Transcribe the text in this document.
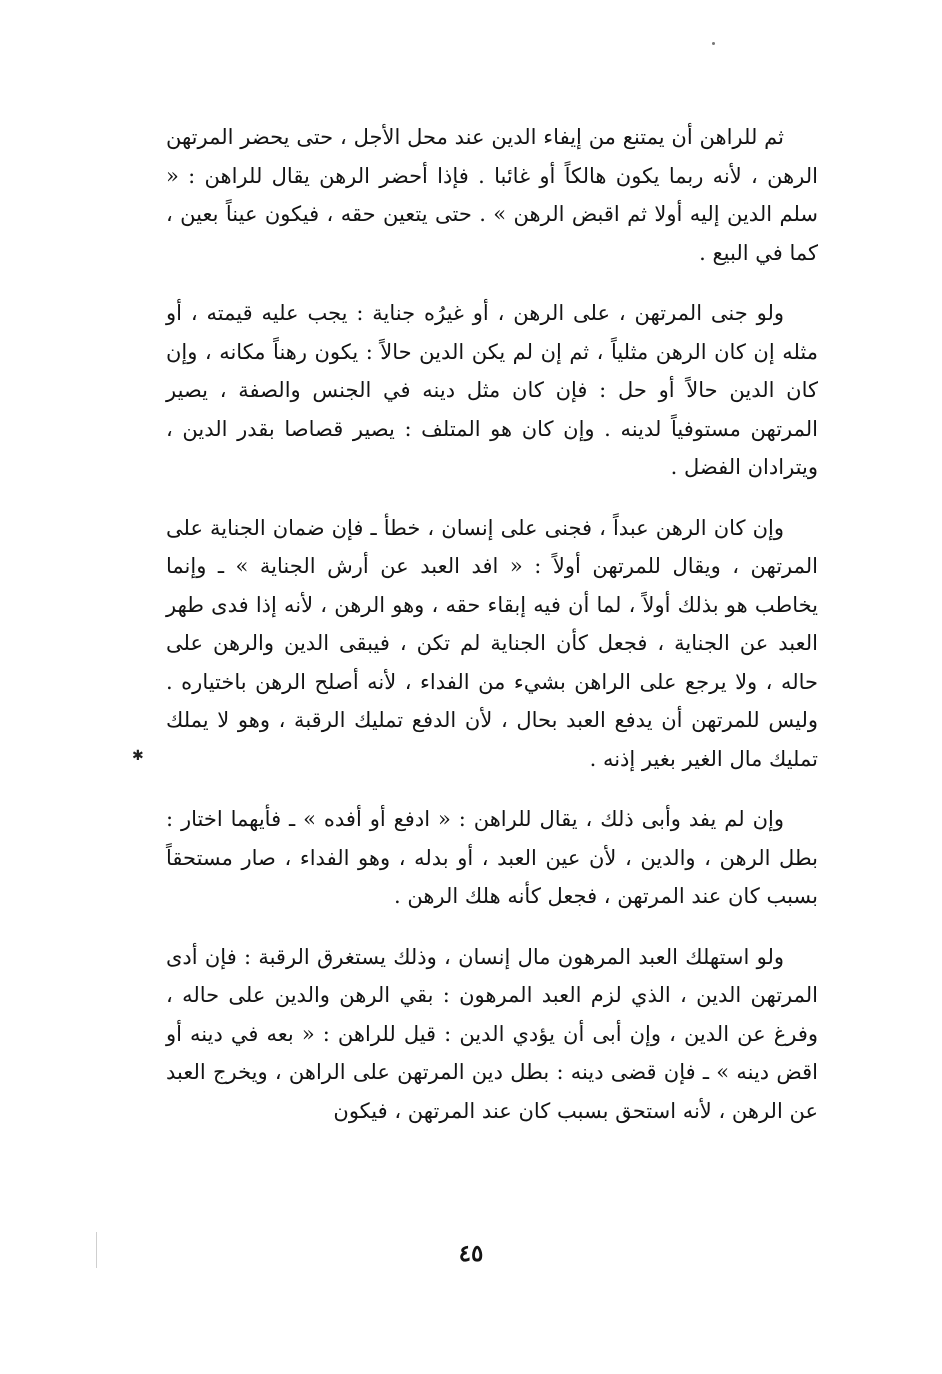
ثم للراهن أن يمتنع من إيفاء الدين عند محل الأجل ، حتى يحضر المرتهن الرهن ، لأنه ربما يكون هالكاً أو غائبا . فإذا أحضر الرهن يقال للراهن : « سلم الدين إليه أولا ثم اقبض الرهن » . حتى يتعين حقه ، فيكون عيناً بعين ، كما في البيع .

ولو جنى المرتهن ، على الرهن ، أو غيرُه جناية : يجب عليه قيمته ، أو مثله إن كان الرهن مثلياً ، ثم إن لم يكن الدين حالاً : يكون رهناً مكانه ، وإن كان الدين حالاً أو حل : فإن كان مثل دينه في الجنس والصفة ، يصير المرتهن مستوفياً لدينه . وإن كان هو المتلف : يصير قصاصا بقدر الدين ، ويترادان الفضل .

وإن كان الرهن عبداً ، فجنى على إنسان ، خطأ ـ فإن ضمان الجناية على المرتهن ، ويقال للمرتهن أولاً : « افد العبد عن أرش الجناية » ـ وإنما يخاطب هو بذلك أولاً ، لما أن فيه إبقاء حقه ، وهو الرهن ، لأنه إذا فدى طهر العبد عن الجناية ، فجعل كأن الجناية لم تكن ، فيبقى الدين والرهن على حاله ، ولا يرجع على الراهن بشيء من الفداء ، لأنه أصلح الرهن باختياره . وليس للمرتهن أن يدفع العبد بحال ، لأن الدفع تمليك الرقبة ، وهو لا يملك تمليك مال الغير بغير إذنه .

وإن لم يفد وأبى ذلك ، يقال للراهن : « ادفع أو أفده » ـ فأيهما اختار : بطل الرهن ، والدين ، لأن عين العبد ، أو بدله ، وهو الفداء ، صار مستحقاً بسبب كان عند المرتهن ، فجعل كأنه هلك الرهن .

ولو استهلك العبد المرهون مال إنسان ، وذلك يستغرق الرقبة : فإن أدى المرتهن الدين ، الذي لزم العبد المرهون : بقي الرهن والدين على حاله ، وفرغ عن الدين ، وإن أبى أن يؤدي الدين : قيل للراهن : « بعه في دينه أو اقض دينه » ـ فإن قضى دينه : بطل دين المرتهن على الراهن ، ويخرج العبد عن الرهن ، لأنه استحق بسبب كان عند المرتهن ، فيكون

✱
٤٥
